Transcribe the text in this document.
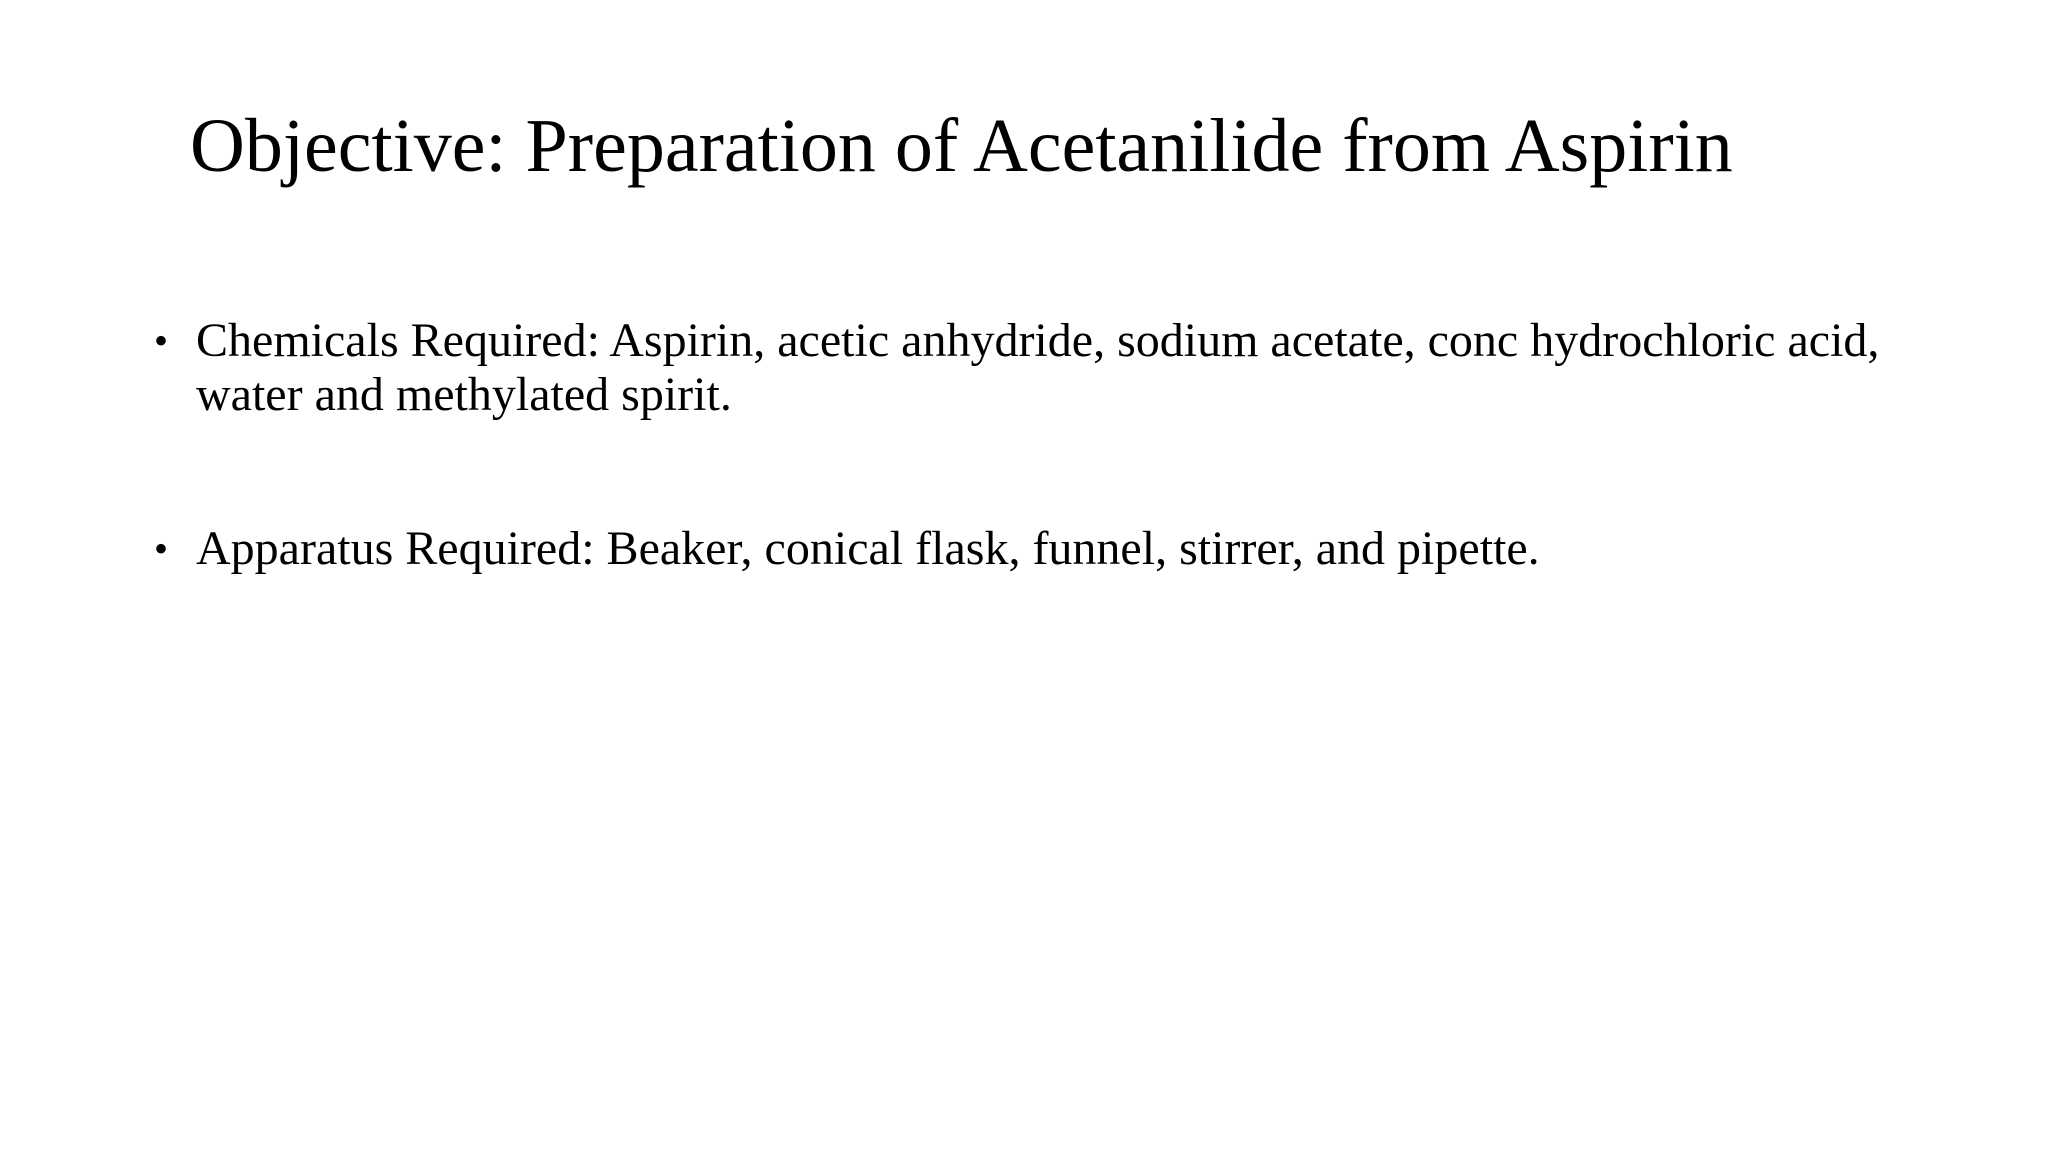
Objective: Preparation of Acetanilide from Aspirin
• Chemicals Required: Aspirin, acetic anhydride, sodium acetate, conc hydrochloric acid, water and methylated spirit.
• Apparatus Required: Beaker, conical flask, funnel, stirrer, and pipette.
